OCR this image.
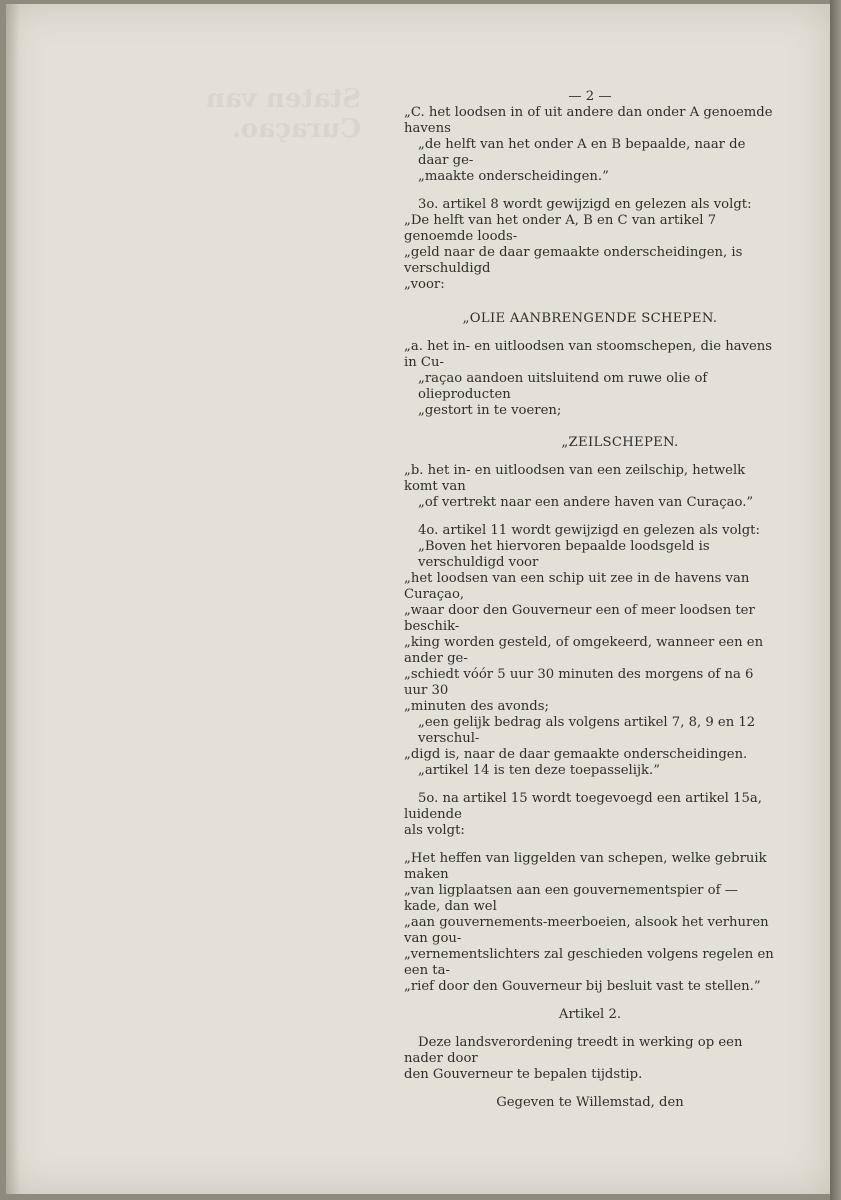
Staten van Curaçao.

— 2 —

„C. het loodsen in of uit andere dan onder A genoemde havens

„de helft van het onder A en B bepaalde, naar de daar ge-

„maakte onderscheidingen.”

3o. artikel 8 wordt gewijzigd en gelezen als volgt:

„De helft van het onder A, B en C van artikel 7 genoemde loods-

„geld naar de daar gemaakte onderscheidingen, is verschuldigd

„voor:

„OLIE AANBRENGENDE SCHEPEN.

„a. het in- en uitloodsen van stoomschepen, die havens in Cu-

„raçao aandoen uitsluitend om ruwe olie of olieproducten

„gestort in te voeren;

„ZEILSCHEPEN.

„b. het in- en uitloodsen van een zeilschip, hetwelk komt van

„of vertrekt naar een andere haven van Curaçao.”

4o. artikel 11 wordt gewijzigd en gelezen als volgt:

„Boven het hiervoren bepaalde loodsgeld is verschuldigd voor

„het loodsen van een schip uit zee in de havens van Curaçao,

„waar door den Gouverneur een of meer loodsen ter beschik-

„king worden gesteld, of omgekeerd, wanneer een en ander ge-

„schiedt vóór 5 uur 30 minuten des morgens of na 6 uur 30

„minuten des avonds;

„een gelijk bedrag als volgens artikel 7, 8, 9 en 12 verschul-

„digd is, naar de daar gemaakte onderscheidingen.

„artikel 14 is ten deze toepasselijk.”

5o. na artikel 15 wordt toegevoegd een artikel 15a, luidende

als volgt:

„Het heffen van liggelden van schepen, welke gebruik maken

„van ligplaatsen aan een gouvernementspier of — kade, dan wel

„aan gouvernements-meerboeien, alsook het verhuren van gou-

„vernementslichters zal geschieden volgens regelen en een ta-

„rief door den Gouverneur bij besluit vast te stellen.”

Artikel 2.

Deze landsverordening treedt in werking op een nader door

den Gouverneur te bepalen tijdstip.

Gegeven te Willemstad, den
